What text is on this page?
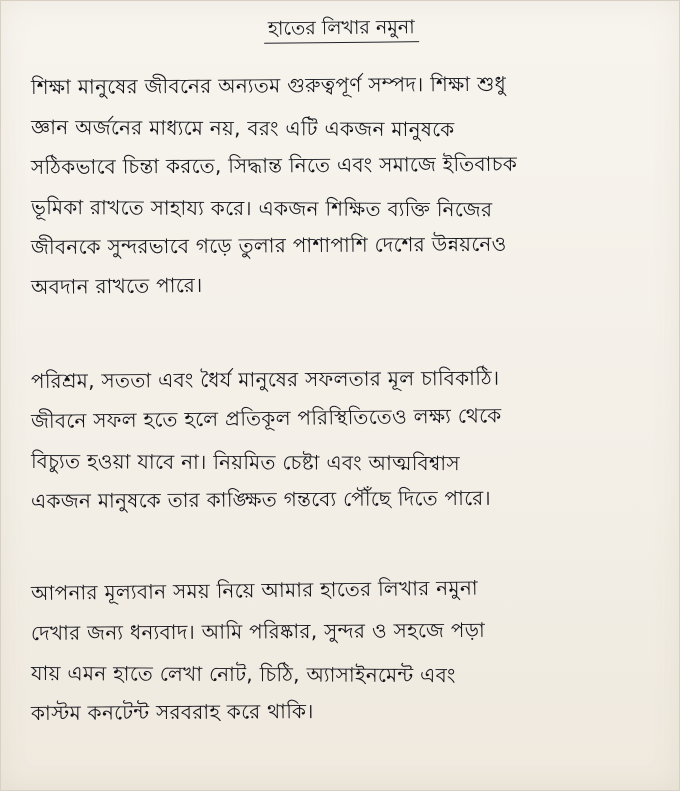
হাতের লিখার নমুনা
শিক্ষা মানুষের জীবনের অন্যতম গুরুত্বপূর্ণ সম্পদ। শিক্ষা শুধু
জ্ঞান অর্জনের মাধ্যমে নয়, বরং এটি একজন মানুষকে
সঠিকভাবে চিন্তা করতে, সিদ্ধান্ত নিতে এবং সমাজে ইতিবাচক
ভূমিকা রাখতে সাহায্য করে। একজন শিক্ষিত ব্যক্তি নিজের
জীবনকে সুন্দরভাবে গড়ে তুলার পাশাপাশি দেশের উন্নয়নেও
অবদান রাখতে পারে।
পরিশ্রম, সততা এবং ধৈর্য মানুষের সফলতার মূল চাবিকাঠি।
জীবনে সফল হতে হলে প্রতিকূল পরিস্থিতিতেও লক্ষ্য থেকে
বিচ্যুত হওয়া যাবে না। নিয়মিত চেষ্টা এবং আত্মবিশ্বাস
একজন মানুষকে তার কাঙ্ক্ষিত গন্তব্যে পৌঁছে দিতে পারে।
আপনার মূল্যবান সময় নিয়ে আমার হাতের লিখার নমুনা
দেখার জন্য ধন্যবাদ। আমি পরিষ্কার, সুন্দর ও সহজে পড়া
যায় এমন হাতে লেখা নোট, চিঠি, অ্যাসাইনমেন্ট এবং
কাস্টম কনটেন্ট সরবরাহ করে থাকি।
